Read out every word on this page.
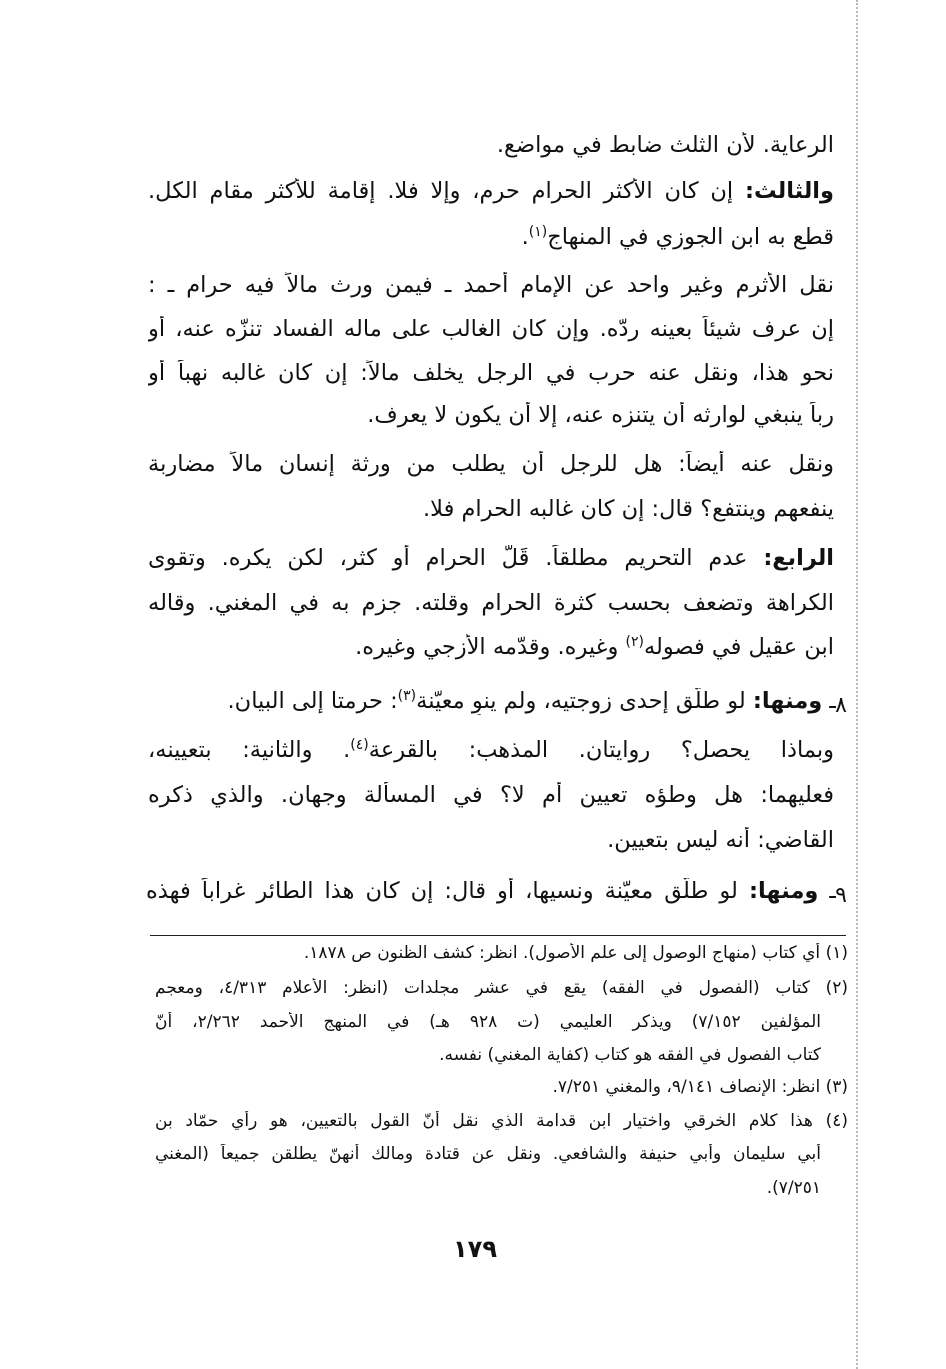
الرعاية. لأن الثلث ضابط في مواضع.
والثالث: إن كان الأكثر الحرام حرم، وإلا فلا. إقامة للأكثر مقام الكل.
قطع به ابن الجوزي في المنهاج$^{(١)}$.
نقل الأثرم وغير واحد عن الإمام أحمد ـ فيمن ورث مالاً فيه حرام ـ :
إن عرف شيئاً بعينه ردّه. وإن كان الغالب على ماله الفساد تنزّه عنه، أو
نحو هذا، ونقل عنه حرب في الرجل يخلف مالاً: إن كان غالبه نهباً أو
رباً ينبغي لوارثه أن يتنزه عنه، إلا أن يكون لا يعرف.
ونقل عنه أيضاً: هل للرجل أن يطلب من ورثة إنسان مالاً مضاربة
ينفعهم وينتفع؟ قال: إن كان غالبه الحرام فلا.
الرابع: عدم التحريم مطلقاً. قَلّ الحرام أو كثر، لكن يكره. وتقوى
الكراهة وتضعف بحسب كثرة الحرام وقلته. جزم به في المغني. وقاله
ابن عقيل في فصوله$^{(٢)}$ وغيره. وقدّمه الأزجي وغيره.
٨
ـ ومنها: لو طلّق إحدى زوجتيه، ولم ينوِ معيّنة$^{(٣)}$: حرمتا إلى البيان.
وبماذا يحصل؟ روايتان. المذهب: بالقرعة$^{(٤)}$. والثانية: بتعيينه،
فعليهما: هل وطؤه تعيين أم لا؟ في المسألة وجهان. والذي ذكره
القاضي: أنه ليس بتعيين.
٩
ـ ومنها: لو طلّق معيّنة ونسيها، أو قال: إن كان هذا الطائر غراباً فهذه
(١) أي كتاب (منهاج الوصول إلى علم الأصول). انظر: كشف الظنون ص ١٨٧٨.
(٢) كتاب (الفصول في الفقه) يقع في عشر مجلدات (انظر: الأعلام ٤/٣١٣، ومعجم
المؤلفين ٧/١٥٢) ويذكر العليمي (ت ٩٢٨ هـ) في المنهج الأحمد ٢/٢٦٢، أنّ
كتاب الفصول في الفقه هو كتاب (كفاية المغني) نفسه.
(٣) انظر: الإنصاف ٩/١٤١، والمغني ٧/٢٥١.
(٤) هذا كلام الخرقي واختيار ابن قدامة الذي نقل أنّ القول بالتعيين، هو رأي حمّاد بن
أبي سليمان وأبي حنيفة والشافعي. ونقل عن قتادة ومالك أنهنّ يطلقن جميعاً (المغني
٧/٢٥١).
١٧٩
